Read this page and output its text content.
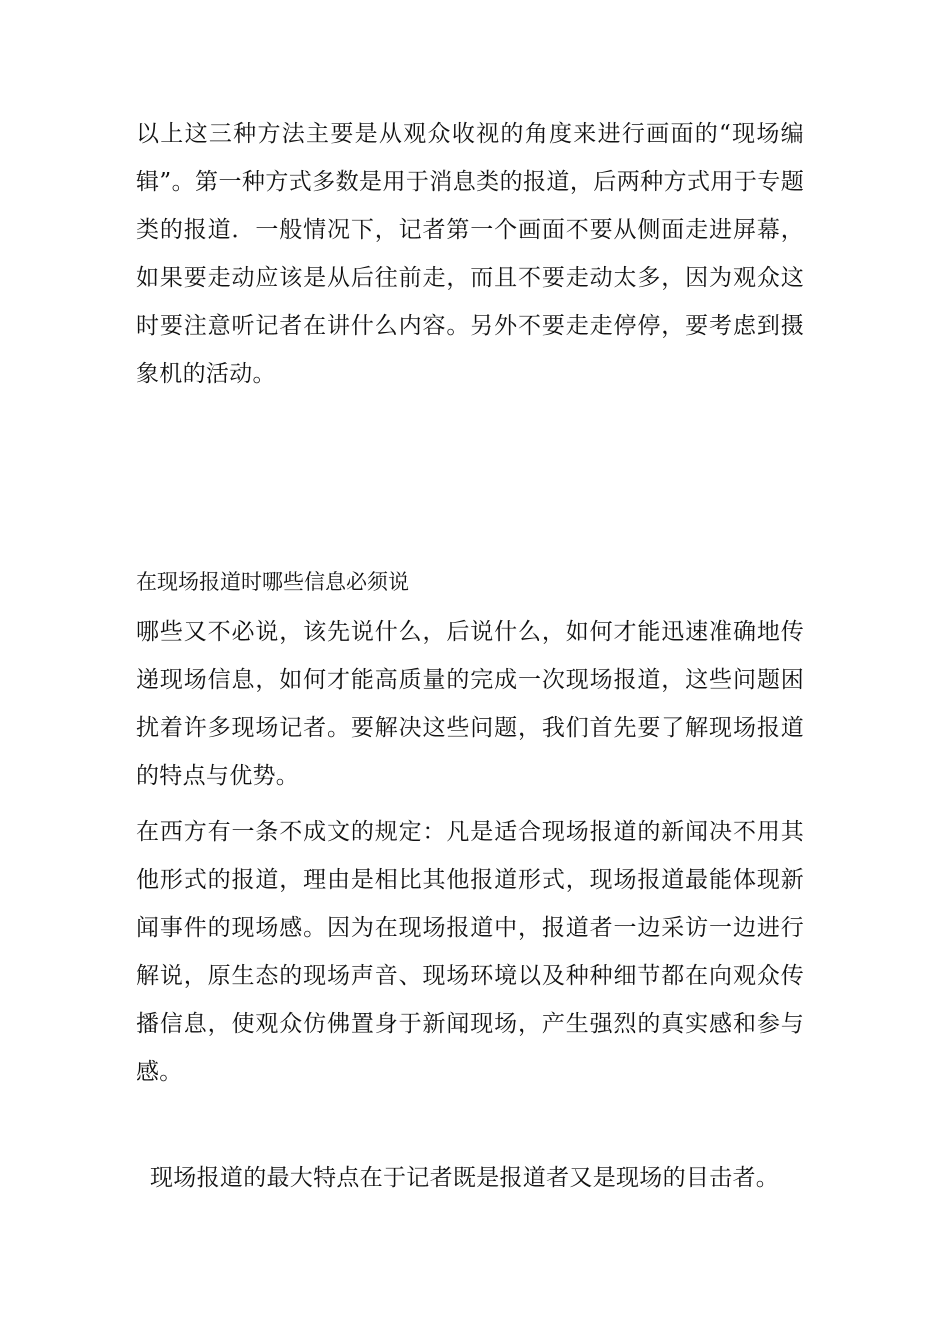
以上这三种方法主要是从观众收视的角度来进行画面的“现场编辑”。第一种方式多数是用于消息类的报道，后两种方式用于专题类的报道．一般情况下，记者第一个画面不要从侧面走进屏幕，如果要走动应该是从后往前走，而且不要走动太多，因为观众这时要注意听记者在讲什么内容。另外不要走走停停，要考虑到摄象机的活动。

在现场报道时哪些信息必须说

哪些又不必说，该先说什么，后说什么，如何才能迅速准确地传递现场信息，如何才能高质量的完成一次现场报道，这些问题困扰着许多现场记者。要解决这些问题，我们首先要了解现场报道的特点与优势。

在西方有一条不成文的规定：凡是适合现场报道的新闻决不用其他形式的报道，理由是相比其他报道形式，现场报道最能体现新闻事件的现场感。因为在现场报道中，报道者一边采访一边进行解说，原生态的现场声音、现场环境以及种种细节都在向观众传播信息，使观众仿佛置身于新闻现场，产生强烈的真实感和参与感。

现场报道的最大特点在于记者既是报道者又是现场的目击者。
